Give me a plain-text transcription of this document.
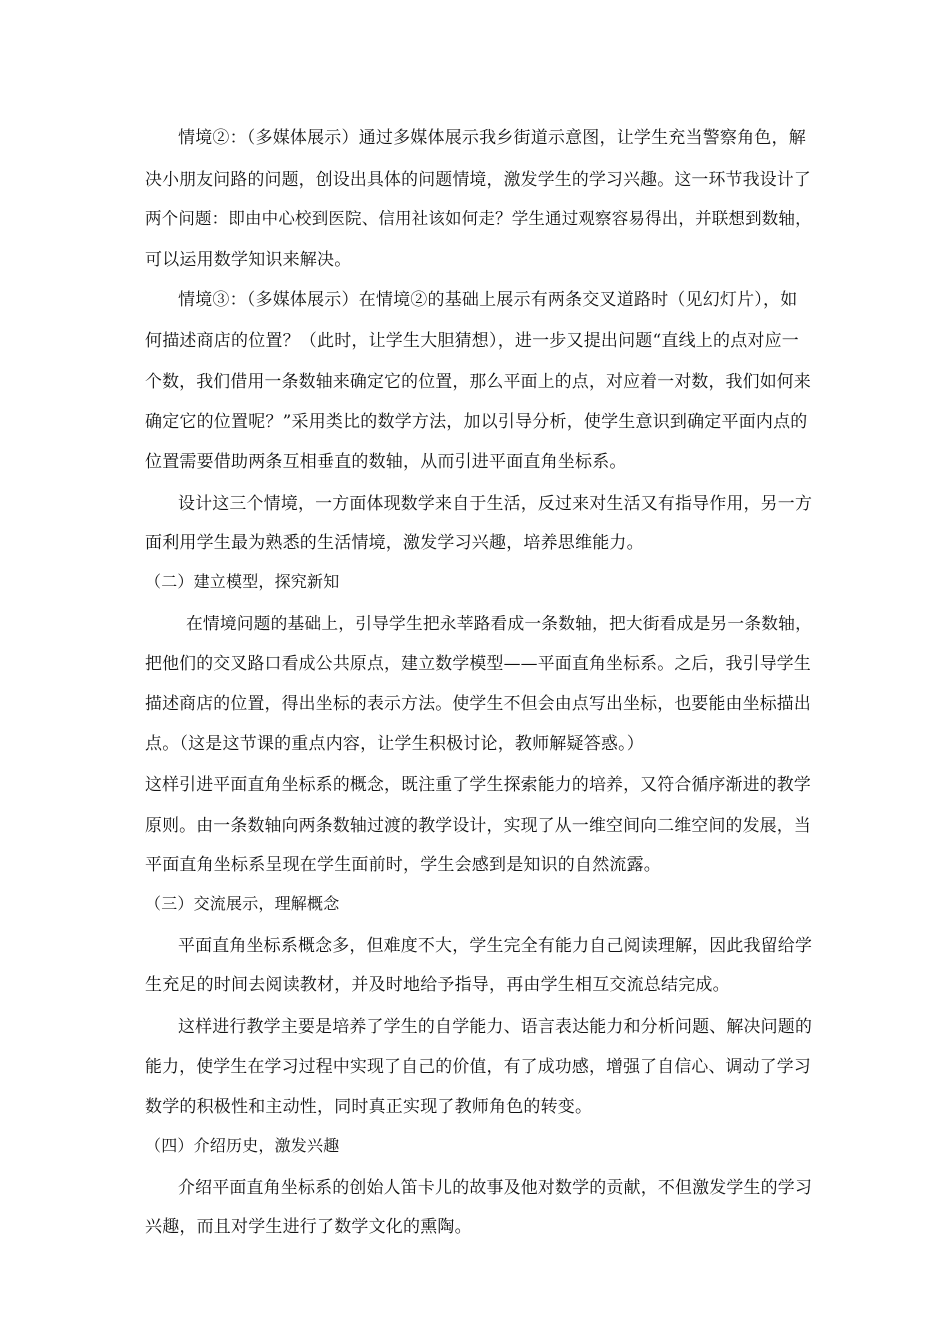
情境②：（多媒体展示）通过多媒体展示我乡街道示意图，让学生充当警察角色，解
决小朋友问路的问题，创设出具体的问题情境，激发学生的学习兴趣。这一环节我设计了
两个问题：即由中心校到医院、信用社该如何走？学生通过观察容易得出，并联想到数轴，
可以运用数学知识来解决。
情境③：（多媒体展示）在情境②的基础上展示有两条交叉道路时（见幻灯片），如
何描述商店的位置？（此时，让学生大胆猜想），进一步又提出问题“直线上的点对应一
个数，我们借用一条数轴来确定它的位置，那么平面上的点，对应着一对数，我们如何来
确定它的位置呢？”采用类比的数学方法，加以引导分析，使学生意识到确定平面内点的
位置需要借助两条互相垂直的数轴，从而引进平面直角坐标系。
设计这三个情境，一方面体现数学来自于生活，反过来对生活又有指导作用，另一方
面利用学生最为熟悉的生活情境，激发学习兴趣，培养思维能力。
（二）建立模型，探究新知
在情境问题的基础上，引导学生把永莘路看成一条数轴，把大街看成是另一条数轴，
把他们的交叉路口看成公共原点，建立数学模型——平面直角坐标系。之后，我引导学生
描述商店的位置，得出坐标的表示方法。使学生不但会由点写出坐标，也要能由坐标描出
点。（这是这节课的重点内容，让学生积极讨论，教师解疑答惑。）
这样引进平面直角坐标系的概念，既注重了学生探索能力的培养，又符合循序渐进的教学
原则。由一条数轴向两条数轴过渡的教学设计，实现了从一维空间向二维空间的发展，当
平面直角坐标系呈现在学生面前时，学生会感到是知识的自然流露。
（三）交流展示，理解概念
平面直角坐标系概念多，但难度不大，学生完全有能力自己阅读理解，因此我留给学
生充足的时间去阅读教材，并及时地给予指导，再由学生相互交流总结完成。
这样进行教学主要是培养了学生的自学能力、语言表达能力和分析问题、解决问题的
能力，使学生在学习过程中实现了自己的价值，有了成功感，增强了自信心、调动了学习
数学的积极性和主动性，同时真正实现了教师角色的转变。
（四）介绍历史，激发兴趣
介绍平面直角坐标系的创始人笛卡儿的故事及他对数学的贡献，不但激发学生的学习
兴趣，而且对学生进行了数学文化的熏陶。
